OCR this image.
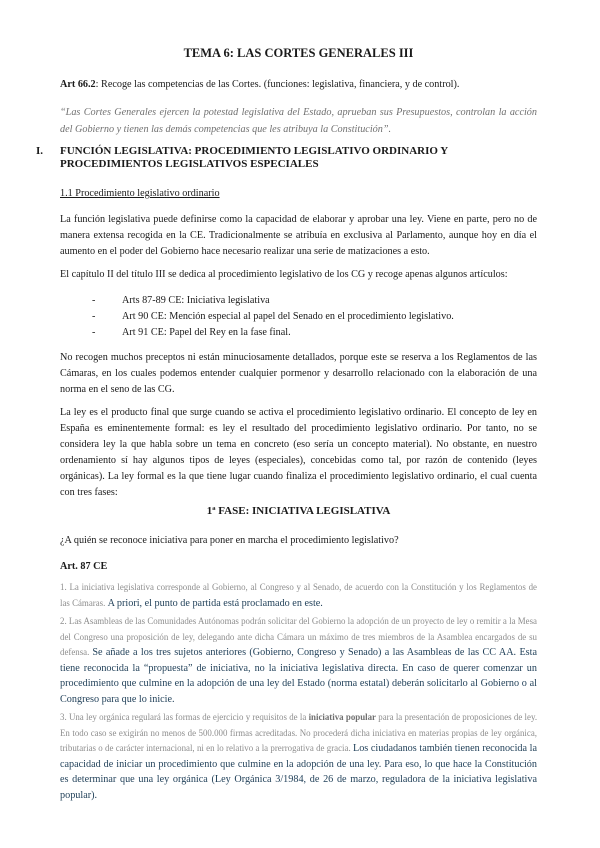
TEMA 6: LAS CORTES GENERALES III

Art 66.2: Recoge las competencias de las Cortes. (funciones: legislativa, financiera, y de control).

“Las Cortes Generales ejercen la potestad legislativa del Estado, aprueban sus Presupuestos, controlan la acción del Gobierno y tienen las demás competencias que les atribuya la Constitución”.

I. FUNCIÓN LEGISLATIVA: PROCEDIMIENTO LEGISLATIVO ORDINARIO Y PROCEDIMIENTOS LEGISLATIVOS ESPECIALES

1.1 Procedimiento legislativo ordinario

La función legislativa puede definirse como la capacidad de elaborar y aprobar una ley. Viene en parte, pero no de manera extensa recogida en la CE. Tradicionalmente se atribuía en exclusiva al Parlamento, aunque hoy en día el aumento en el poder del Gobierno hace necesario realizar una serie de matizaciones a esto.

El capítulo II del título III se dedica al procedimiento legislativo de los CG y recoge apenas algunos artículos:

-	Arts 87-89 CE: Iniciativa legislativa
-	Art 90 CE: Mención especial al papel del Senado en el procedimiento legislativo.
-	Art 91 CE: Papel del Rey en la fase final.

No recogen muchos preceptos ni están minuciosamente detallados, porque este se reserva a los Reglamentos de las Cámaras, en los cuales podemos entender cualquier pormenor y desarrollo relacionado con la elaboración de una norma en el seno de las CG.

La ley es el producto final que surge cuando se activa el procedimiento legislativo ordinario. El concepto de ley en España es eminentemente formal: es ley el resultado del procedimiento legislativo ordinario. Por tanto, no se considera ley la que habla sobre un tema en concreto (eso sería un concepto material). No obstante, en nuestro ordenamiento sí hay algunos tipos de leyes (especiales), concebidas como tal, por razón de contenido (leyes orgánicas). La ley formal es la que tiene lugar cuando finaliza el procedimiento legislativo ordinario, el cual cuenta con tres fases:

1ª FASE: INICIATIVA LEGISLATIVA

¿A quién se reconoce iniciativa para poner en marcha el procedimiento legislativo?

Art. 87 CE

1. La iniciativa legislativa corresponde al Gobierno, al Congreso y al Senado, de acuerdo con la Constitución y los Reglamentos de las Cámaras. A priori, el punto de partida está proclamado en este.

2. Las Asambleas de las Comunidades Autónomas podrán solicitar del Gobierno la adopción de un proyecto de ley o remitir a la Mesa del Congreso una proposición de ley, delegando ante dicha Cámara un máximo de tres miembros de la Asamblea encargados de su defensa. Se añade a los tres sujetos anteriores (Gobierno, Congreso y Senado) a las Asambleas de las CC AA. Esta tiene reconocida la “propuesta” de iniciativa, no la iniciativa legislativa directa. En caso de querer comenzar un procedimiento que culmine en la adopción de una ley del Estado (norma estatal) deberán solicitarlo al Gobierno o al Congreso para que lo inicie.

3. Una ley orgánica regulará las formas de ejercicio y requisitos de la iniciativa popular para la presentación de proposiciones de ley. En todo caso se exigirán no menos de 500.000 firmas acreditadas. No procederá dicha iniciativa en materias propias de ley orgánica, tributarias o de carácter internacional, ni en lo relativo a la prerrogativa de gracia. Los ciudadanos también tienen reconocida la capacidad de iniciar un procedimiento que culmine en la adopción de una ley. Para eso, lo que hace la Constitución es determinar que una ley orgánica (Ley Orgánica 3/1984, de 26 de marzo, reguladora de la iniciativa legislativa popular).
